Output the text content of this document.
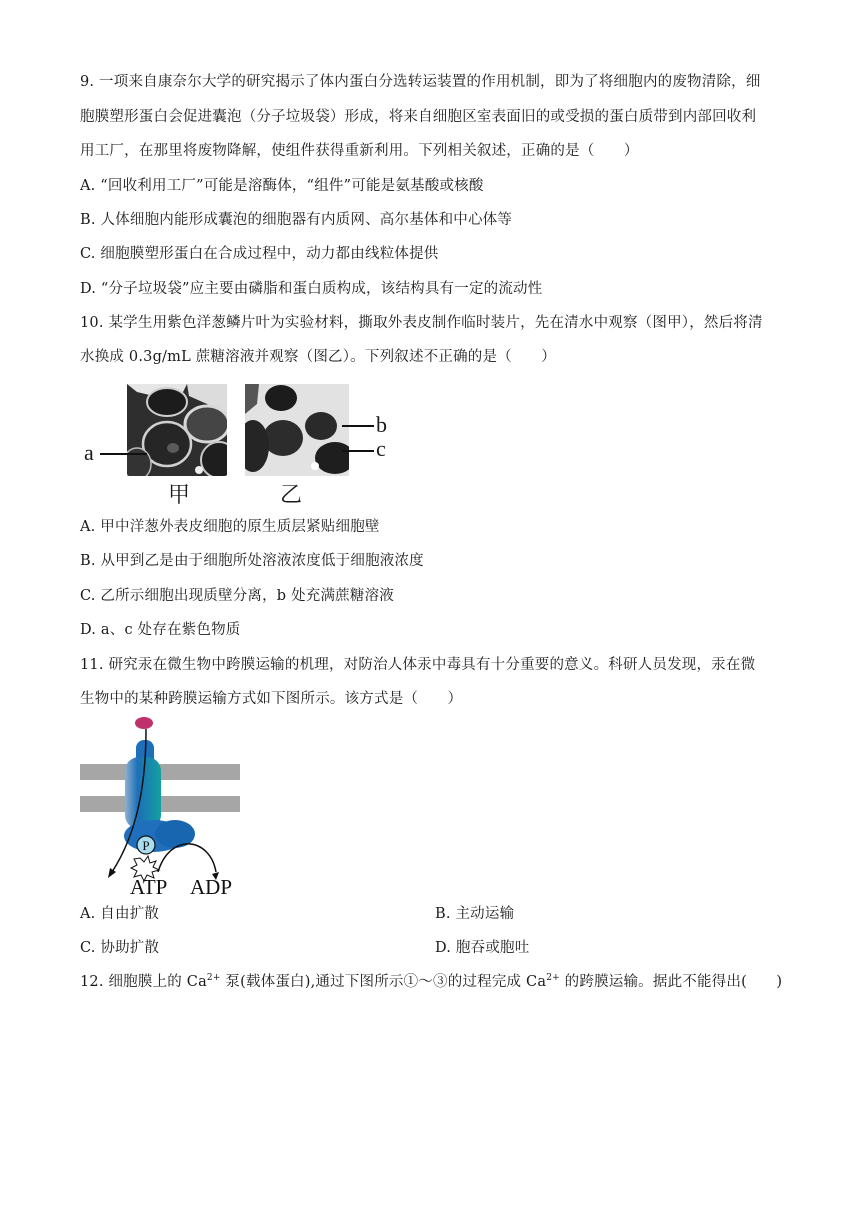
9. 一项来自康奈尔大学的研究揭示了体内蛋白分选转运装置的作用机制，即为了将细胞内的废物清除，细
胞膜塑形蛋白会促进囊泡（分子垃圾袋）形成，将来自细胞区室表面旧的或受损的蛋白质带到内部回收利
用工厂，在那里将废物降解，使组件获得重新利用。下列相关叙述，正确的是（　　）
A. “回收利用工厂”可能是溶酶体，“组件”可能是氨基酸或核酸
B. 人体细胞内能形成囊泡的细胞器有内质网、高尔基体和中心体等
C. 细胞膜塑形蛋白在合成过程中，动力都由线粒体提供
D. “分子垃圾袋”应主要由磷脂和蛋白质构成，该结构具有一定的流动性
10. 某学生用紫色洋葱鳞片叶为实验材料，撕取外表皮制作临时装片，先在清水中观察（图甲），然后将清
水换成 0.3g/mL 蔗糖溶液并观察（图乙）。下列叙述不正确的是（　　）
a
甲
b
c
乙
A. 甲中洋葱外表皮细胞的原生质层紧贴细胞壁
B. 从甲到乙是由于细胞所处溶液浓度低于细胞液浓度
C. 乙所示细胞出现质壁分离，b 处充满蔗糖溶液
D. a、c 处存在紫色物质
11. 研究汞在微生物中跨膜运输的机理，对防治人体汞中毒具有十分重要的意义。科研人员发现，汞在微
生物中的某种跨膜运输方式如下图所示。该方式是（　　）
P
ATP ADP
A. 自由扩散	B. 主动运输
C. 协助扩散	D. 胞吞或胞吐
12. 细胞膜上的 $Ca^{2+}$ 泵(载体蛋白),通过下图所示①～③的过程完成 $Ca^{2+}$ 的跨膜运输。据此不能得出(　　)
